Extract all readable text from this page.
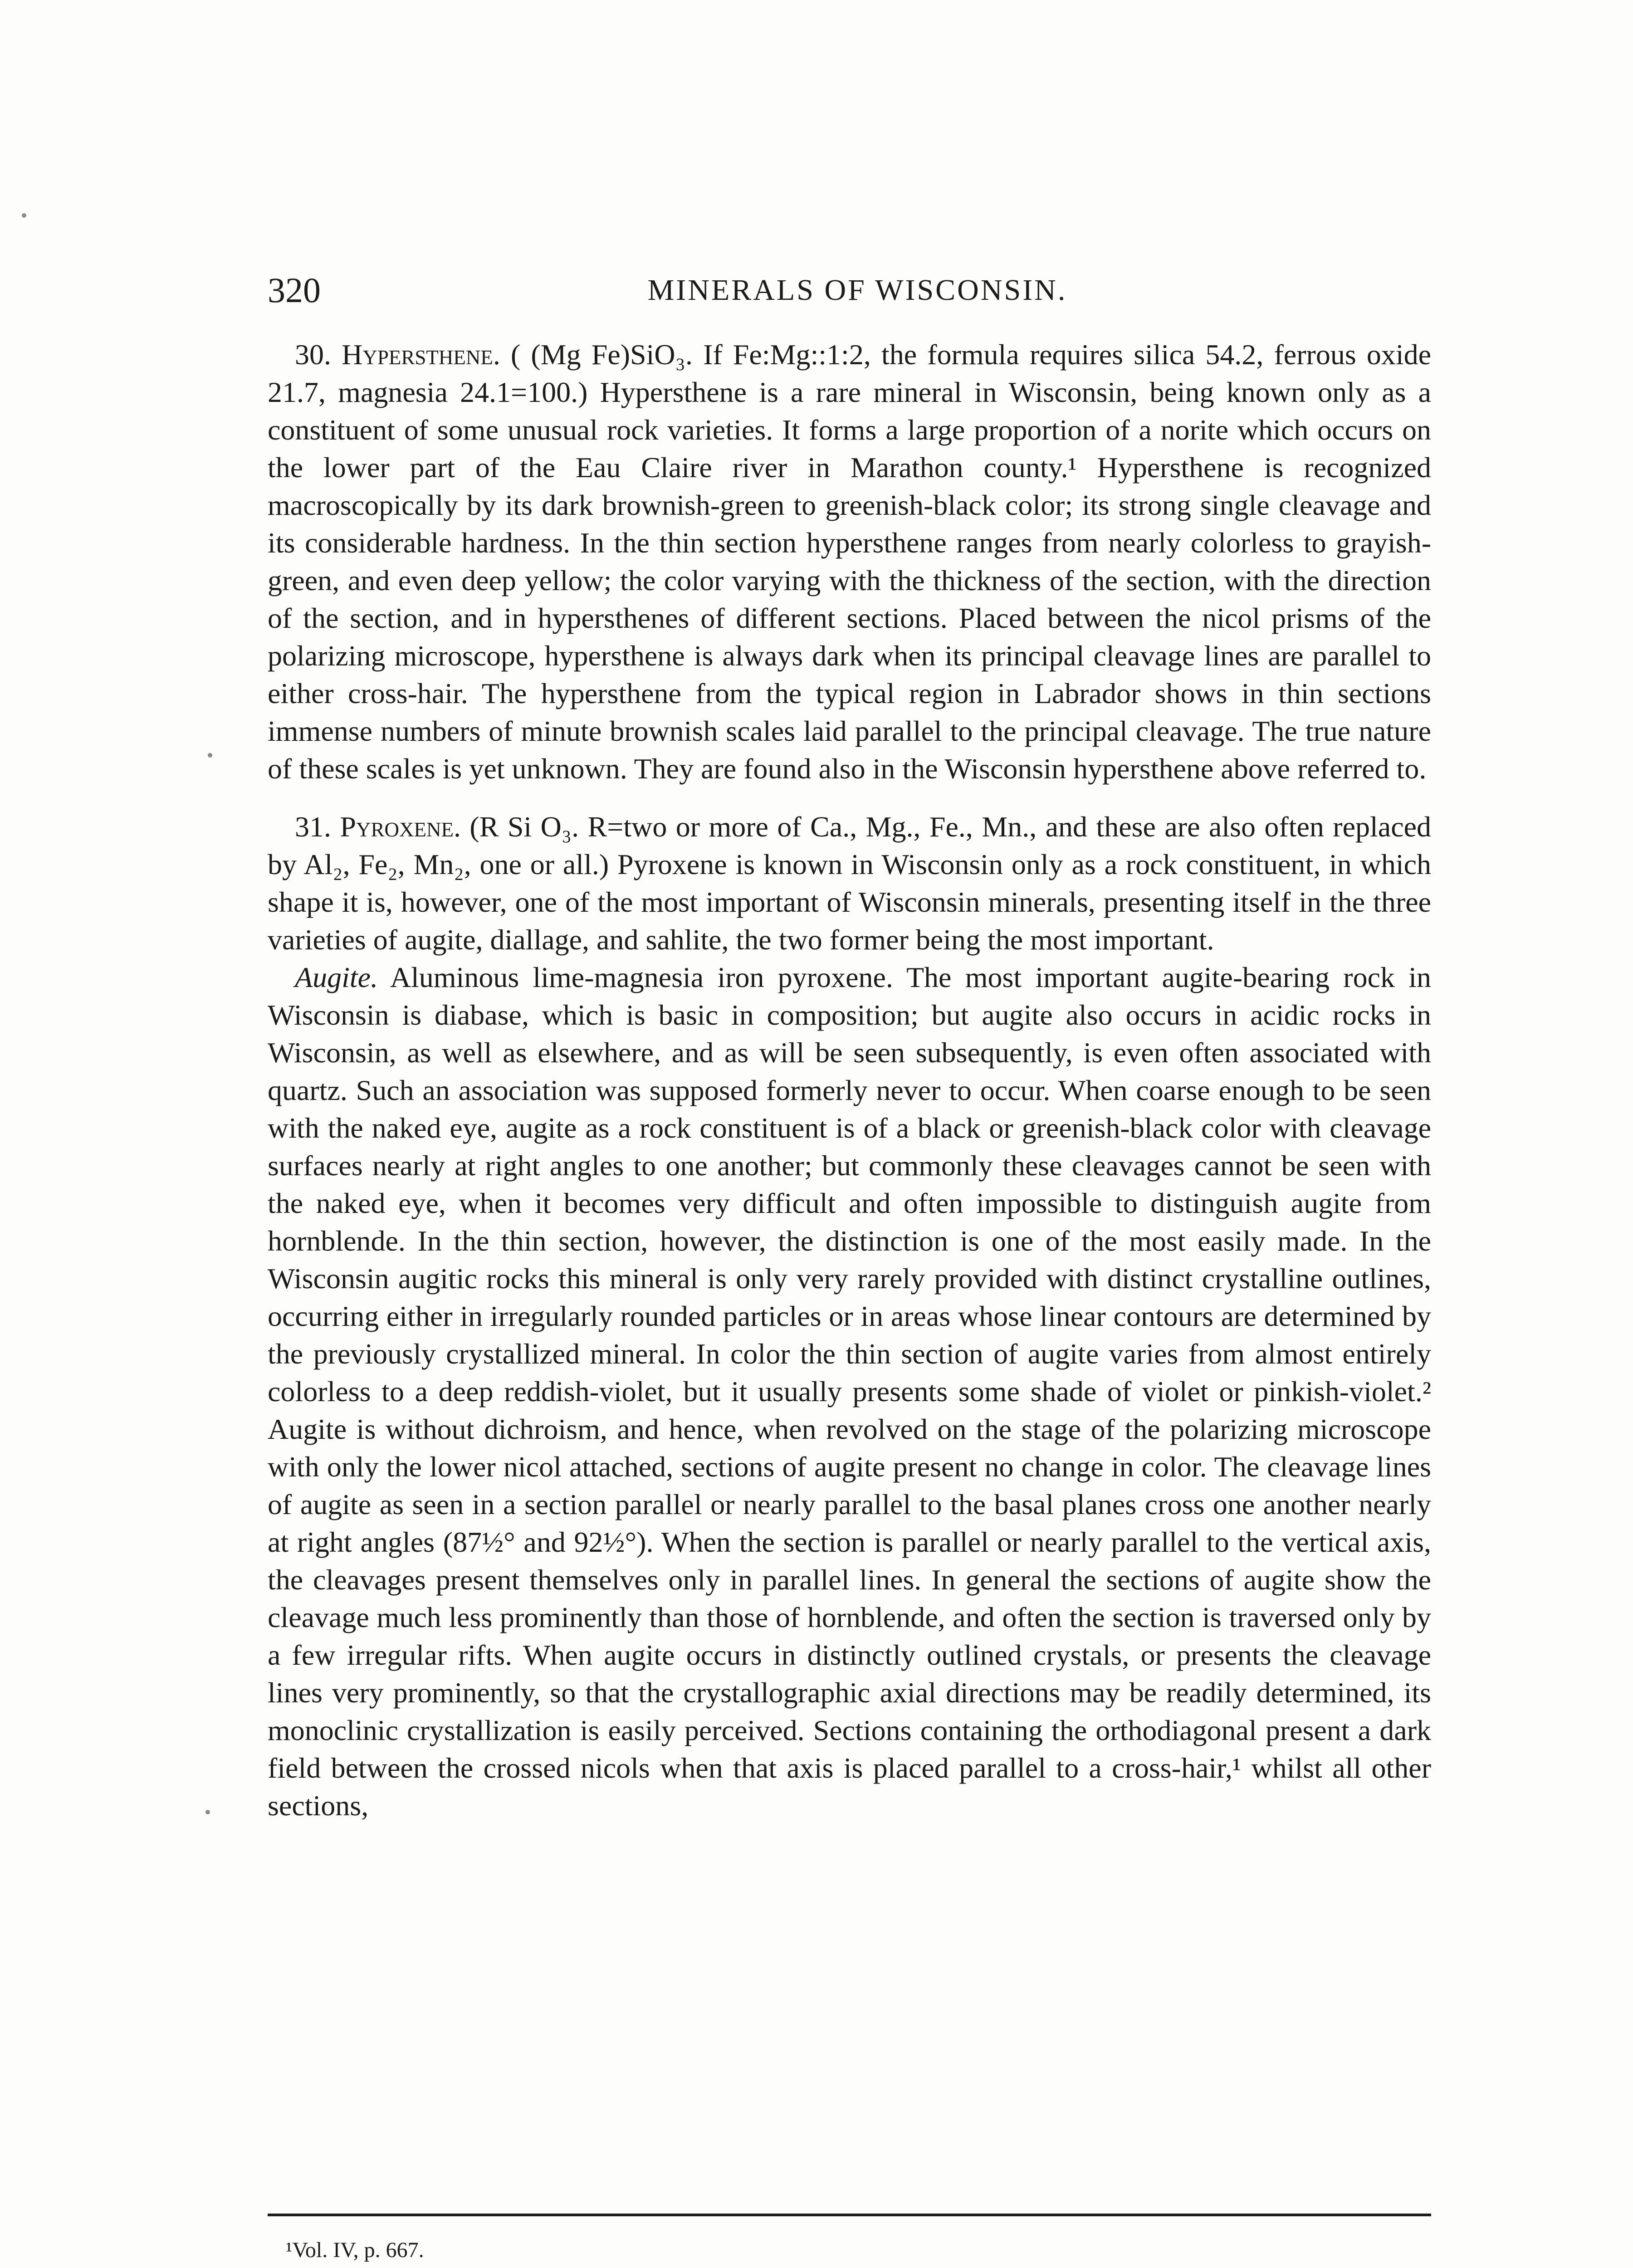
320	MINERALS OF WISCONSIN.

30. Hypersthene. ( (Mg Fe)SiO₃. If Fe:Mg::1:2, the formula requires silica 54.2, ferrous oxide 21.7, magnesia 24.1=100.) Hypersthene is a rare mineral in Wisconsin, being known only as a constituent of some unusual rock varieties. It forms a large proportion of a norite which occurs on the lower part of the Eau Claire river in Marathon county.¹ Hypersthene is recognized macroscopically by its dark brownish-green to greenish-black color; its strong single cleavage and its considerable hardness. In the thin section hypersthene ranges from nearly colorless to grayish-green, and even deep yellow; the color varying with the thickness of the section, with the direction of the section, and in hypersthenes of different sections. Placed between the nicol prisms of the polarizing microscope, hypersthene is always dark when its principal cleavage lines are parallel to either cross-hair. The hypersthene from the typical region in Labrador shows in thin sections immense numbers of minute brownish scales laid parallel to the principal cleavage. The true nature of these scales is yet unknown. They are found also in the Wisconsin hypersthene above referred to.

31. Pyroxene. (R Si O₃. R=two or more of Ca., Mg., Fe., Mn., and these are also often replaced by Al₂, Fe₂, Mn₂, one or all.) Pyroxene is known in Wisconsin only as a rock constituent, in which shape it is, however, one of the most important of Wisconsin minerals, presenting itself in the three varieties of augite, diallage, and sahlite, the two former being the most important.

Augite. Aluminous lime-magnesia iron pyroxene. The most important augite-bearing rock in Wisconsin is diabase, which is basic in composition; but augite also occurs in acidic rocks in Wisconsin, as well as elsewhere, and as will be seen subsequently, is even often associated with quartz. Such an association was supposed formerly never to occur. When coarse enough to be seen with the naked eye, augite as a rock constituent is of a black or greenish-black color with cleavage surfaces nearly at right angles to one another; but commonly these cleavages cannot be seen with the naked eye, when it becomes very difficult and often impossible to distinguish augite from hornblende. In the thin section, however, the distinction is one of the most easily made. In the Wisconsin augitic rocks this mineral is only very rarely provided with distinct crystalline outlines, occurring either in irregularly rounded particles or in areas whose linear contours are determined by the previously crystallized mineral. In color the thin section of augite varies from almost entirely colorless to a deep reddish-violet, but it usually presents some shade of violet or pinkish-violet.² Augite is without dichroism, and hence, when revolved on the stage of the polarizing microscope with only the lower nicol attached, sections of augite present no change in color. The cleavage lines of augite as seen in a section parallel or nearly parallel to the basal planes cross one another nearly at right angles (87½° and 92½°). When the section is parallel or nearly parallel to the vertical axis, the cleavages present themselves only in parallel lines. In general the sections of augite show the cleavage much less prominently than those of hornblende, and often the section is traversed only by a few irregular rifts. When augite occurs in distinctly outlined crystals, or presents the cleavage lines very prominently, so that the crystallographic axial directions may be readily determined, its monoclinic crystallization is easily perceived. Sections containing the orthodiagonal present a dark field between the crossed nicols when that axis is placed parallel to a cross-hair,¹ whilst all other sections,

¹Vol. IV, p. 667.
